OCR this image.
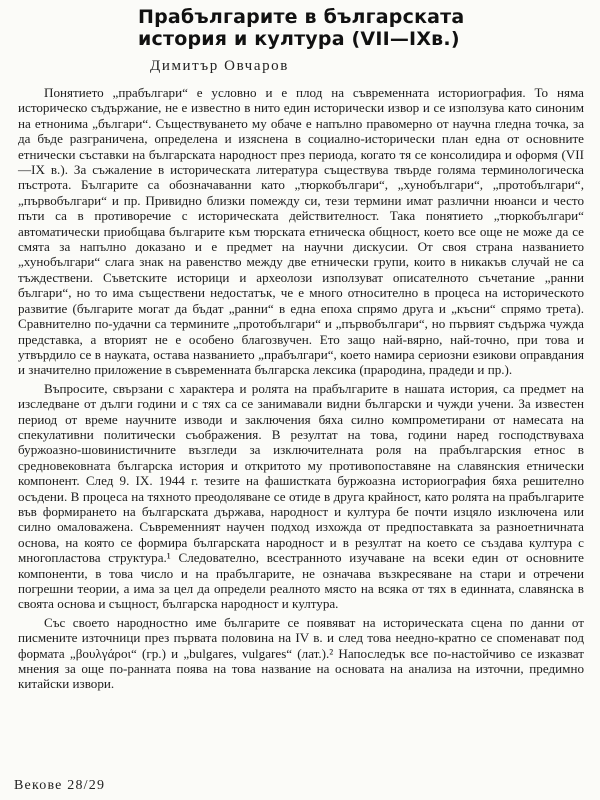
Прабългарите в българската
история и култура (VII—IXв.)
Димитър Овчаров

Понятието „прабългари“ е условно и е плод на съвременната историография. То няма историческо съдържание, не е известно в нито един исторически извор и се използува като синоним на етнонима „българи“. Съществуването му обаче е напълно правомерно от научна гледна точка, за да бъде разграничена, определена и изяснена в социално-исторически план една от основните етнически съставки на българската народност през периода, когато тя се консолидира и оформя (VII—IX в.). За съжаление в историческата литература съществува твърде голяма терминологическа пъстрота. Българите са обозначаванни като „тюркобългари“, „хунобългари“, „протобългари“, „първобългари“ и пр. Привидно близки помежду си, тези термини имат различни нюанси и често пъти са в противоречие с историческата действителност. Така понятието „тюркобългари“ автоматически приобщава българите към тюрската етническа общност, което все още не може да се смята за напълно доказано и е предмет на научни дискусии. От своя страна названието „хунобългари“ слага знак на равенство между две етнически групи, които в никакъв случай не са тъждествени. Съветските историци и археолози използуват описателното съчетание „ранни българи“, но то има съществени недостатък, че е много относително в процеса на историческото развитие (българите могат да бъдат „ранни“ в една епоха спрямо друга и „късни“ спрямо трета). Сравнително по-удачни са термините „протобългари“ и „първобългари“, но първият съдържа чужда представка, а вторият не е особено благозвучен. Ето защо най-вярно, най-точно, при това и утвърдило се в науката, остава названието „прабългари“, което намира сериозни езикови оправдания и значително приложение в съвременната българска лексика (прародина, прадеди и пр.).

Въпросите, свързани с характера и ролята на прабългарите в нашата история, са предмет на изследване от дълги години и с тях са се занимавали видни български и чужди учени. За известен период от време научните изводи и заключения бяха силно компрометирани от намесата на спекулативни политически съображения. В резултат на това, години наред господствуваха буржоазно-шовинистичните възгледи за изключителната роля на прабългарския етнос в средновековната българска история и откритото му противопоставяне на славянския етнически компонент. След 9. IX. 1944 г. тезите на фашистката буржоазна историография бяха решително осъдени. В процеса на тяхното преодоляване се отиде в друга крайност, като ролята на прабългарите във формирането на българската държава, народност и култура бе почти изцяло изключена или силно омаловажена. Съвременният научен подход изхожда от предпоставката за разноетничната основа, на която се формира българската народност и в резултат на което се създава култура с многопластова структура.¹ Следователно, всестранното изучаване на всеки един от основните компоненти, в това число и на прабългарите, не означава възкресяване на стари и отречени погрешни теории, а има за цел да определи реалното място на всяка от тях в единната, славянска в своята основа и същност, българска народност и култура.

Със своето народностно име българите се появяват на историческата сцена по данни от писмените източници през първата половина на IV в. и след това неедно-кратно се споменават под формата „βουλγάροι“ (гр.) и „bulgares, vulgares“ (лат.).² Напоследък все по-настойчиво се изказват мнения за още по-ранната поява на това название на основата на анализа на източни, предимно китайски извори.

Векове 28/29
